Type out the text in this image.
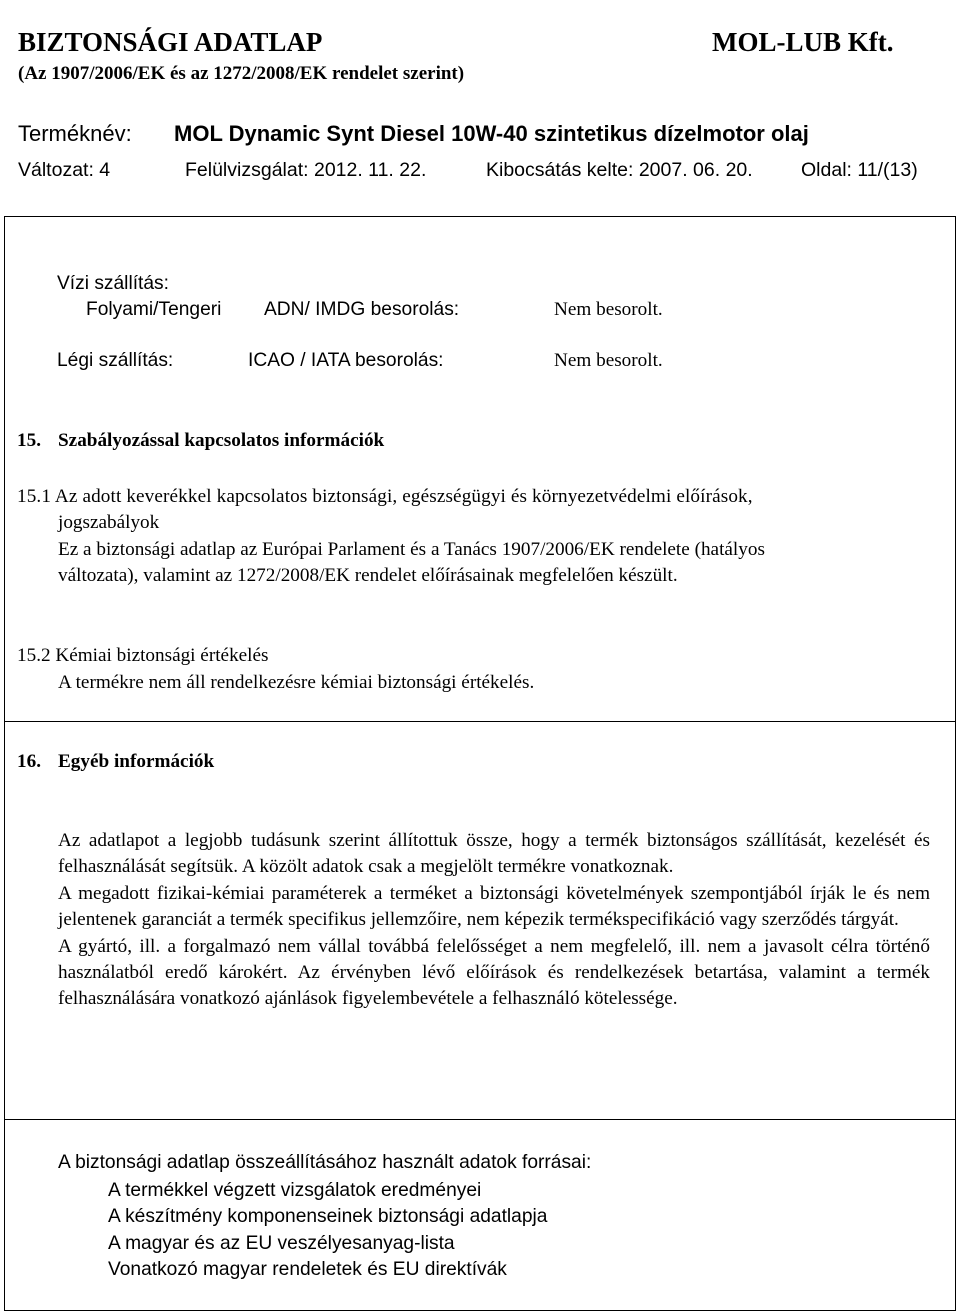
BIZTONSÁGI ADATLAP	MOL-LUB Kft.
(Az 1907/2006/EK és az 1272/2008/EK rendelet szerint)
Terméknév: MOL Dynamic Synt Diesel 10W-40 szintetikus dízelmotor olaj
Változat: 4	Felülvizsgálat: 2012. 11. 22.	Kibocsátás kelte: 2007. 06. 20. Oldal: 11/(13)
Vízi szállítás:
Folyami/Tengeri ADN/ IMDG besorolás:	Nem besorolt.
Légi szállítás:	ICAO / IATA besorolás:	Nem besorolt.
15. Szabályozással kapcsolatos információk
15.1 Az adott keverékkel kapcsolatos biztonsági, egészségügyi és környezetvédelmi előírások,
jogszabályok
Ez a biztonsági adatlap az Európai Parlament és a Tanács 1907/2006/EK rendelete (hatályos
változata), valamint az 1272/2008/EK rendelet előírásainak megfelelően készült.
15.2 Kémiai biztonsági értékelés
A termékre nem áll rendelkezésre kémiai biztonsági értékelés.
16. Egyéb információk

Az adatlapot a legjobb tudásunk szerint állítottuk össze, hogy a termék biztonságos szállítását, kezelését és felhasználását segítsük. A közölt adatok csak a megjelölt termékre vonatkoznak.

A megadott fizikai-kémiai paraméterek a terméket a biztonsági követelmények szempontjából írják le és nem jelentenek garanciát a termék specifikus jellemzőire, nem képezik termékspecifikáció vagy szerződés tárgyát.

A gyártó, ill. a forgalmazó nem vállal továbbá felelősséget a nem megfelelő, ill. nem a javasolt célra történő használatból eredő károkért. Az érvényben lévő előírások és rendelkezések betartása, valamint a termék felhasználására vonatkozó ajánlások figyelembevétele a felhasználó kötelessége.

A biztonsági adatlap összeállításához használt adatok forrásai:
A termékkel végzett vizsgálatok eredményei
A készítmény komponenseinek biztonsági adatlapja
A magyar és az EU veszélyesanyag-lista
Vonatkozó magyar rendeletek és EU direktívák
